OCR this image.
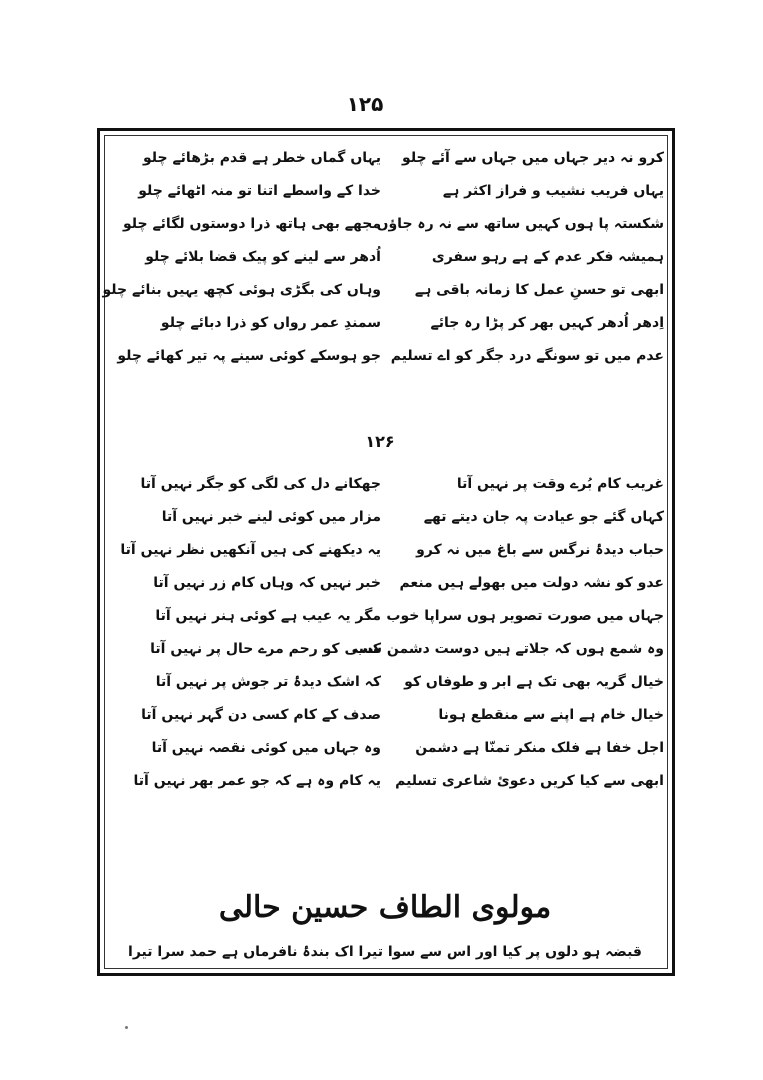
۱۲۵
کرو نہ دیر جہاں میں جہاں سے آئے چلو
یہاں فریب نشیب و فراز اکثر ہے
شکستہ پا ہوں کہیں ساتھ سے نہ رہ جاؤں
ہمیشہ فکر عدم کے ہے رہو سفری
ابھی تو حسنِ عمل کا زمانہ باقی ہے
اِدھر اُدھر کہیں بھر کر پڑا رہ جائے
عدم میں تو سونگے درد جگر کو اے تسلیم
یہاں گماں خطر ہے قدم بڑھائے چلو
خدا کے واسطے اتنا تو منہ اٹھائے چلو
مجھے بھی ہاتھ ذرا دوستوں لگائے چلو
اُدھر سے لینے کو پیک قضا بلائے چلو
وہاں کی بگڑی ہوئی کچھ یہیں بنائے چلو
سمندِ عمر رواں کو ذرا دبائے چلو
جو ہوسکے کوئی سینے پہ تیر کھائے چلو
۱۲۶
غریب کام بُرے وقت پر نہیں آتا
کہاں گئے جو عیادت پہ جان دیتے تھے
حباب دیدۂ نرگس سے باغ میں نہ کرو
عدو کو نشہ دولت میں بھولے ہیں منعم
جہاں میں صورت تصویر ہوں سراپا خوب
وہ شمع ہوں کہ جلاتے ہیں دوست دشمن سب
خیال گریہ بھی تک ہے ابر و طوفاں کو
خیال خام ہے اپنے سے منقطع ہونا
اجل خفا ہے فلک منکر تمنّا ہے دشمن
ابھی سے کیا کریں دعویٔ شاعری تسلیم
جھکانے دل کی لگی کو جگر نہیں آتا
مزار میں کوئی لینے خبر نہیں آتا
یہ دیکھنے کی ہیں آنکھیں نظر نہیں آتا
خبر نہیں کہ وہاں کام زر نہیں آتا
مگر یہ عیب ہے کوئی ہنر نہیں آتا
کسی کو رحم مرے حال پر نہیں آتا
کہ اشک دیدۂ تر جوش پر نہیں آتا
صدف کے کام کسی دن گہر نہیں آتا
وہ جہاں میں کوئی نقصہ نہیں آتا
یہ کام وہ ہے کہ جو عمر بھر نہیں آتا
مولوی الطاف حسین حالی
قبضہ ہو دلوں پر کیا اور اس سے سوا تیرا اک بندۂ نافرماں ہے حمد سرا تیرا
